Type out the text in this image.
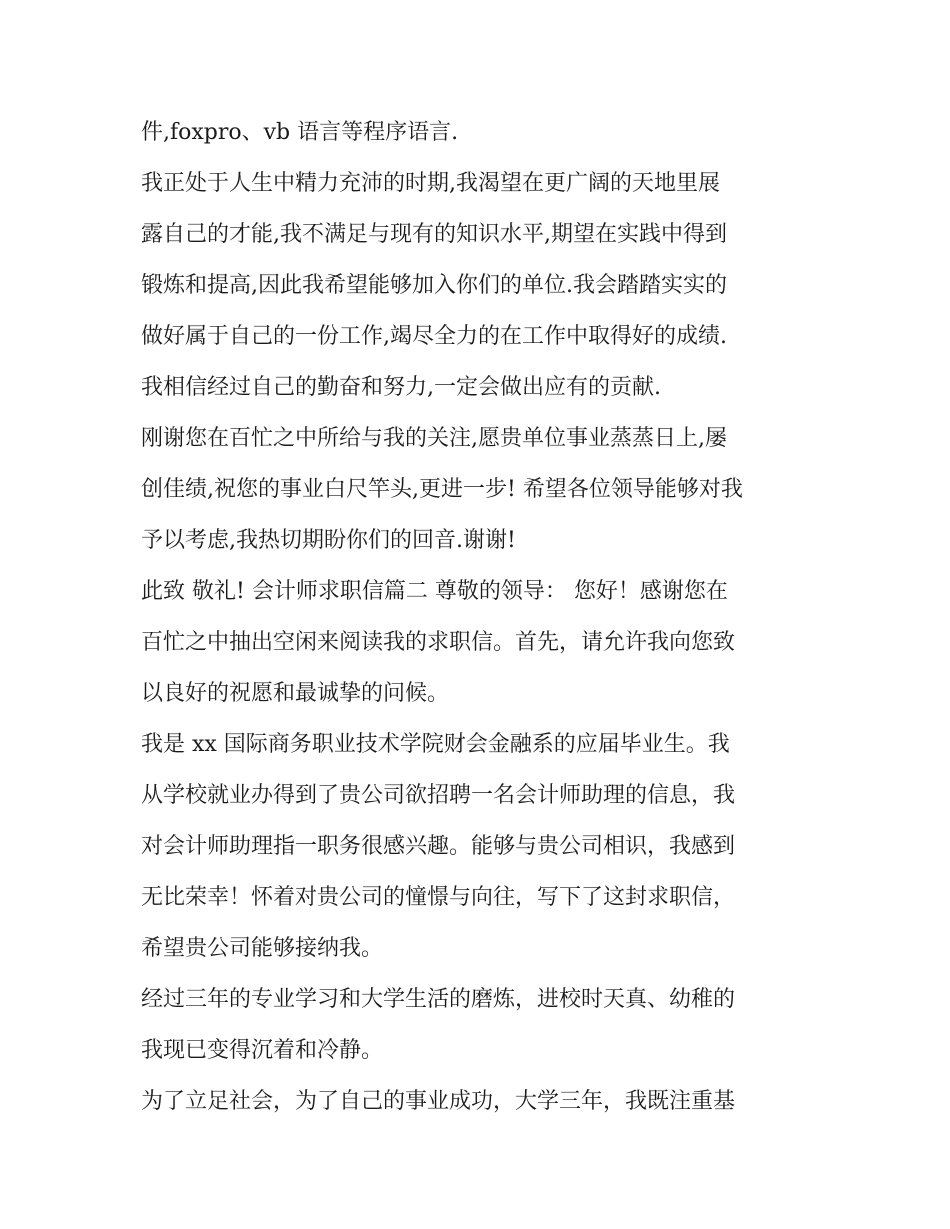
件,foxpro、vb 语言等程序语言.
我正处于人生中精力充沛的时期,我渴望在更广阔的天地里展
露自己的才能,我不满足与现有的知识水平,期望在实践中得到
锻炼和提高,因此我希望能够加入你们的单位.我会踏踏实实的
做好属于自己的一份工作,竭尽全力的在工作中取得好的成绩.
我相信经过自己的勤奋和努力,一定会做出应有的贡献.
刚谢您在百忙之中所给与我的关注,愿贵单位事业蒸蒸日上,屡
创佳绩,祝您的事业白尺竿头,更进一步! 希望各位领导能够对我
予以考虑,我热切期盼你们的回音.谢谢!
此致 敬礼! 会计师求职信篇二 尊敬的领导： 您好！感谢您在
百忙之中抽出空闲来阅读我的求职信。首先，请允许我向您致
以良好的祝愿和最诚挚的问候。
我是 xx 国际商务职业技术学院财会金融系的应届毕业生。我
从学校就业办得到了贵公司欲招聘一名会计师助理的信息，我
对会计师助理指一职务很感兴趣。能够与贵公司相识，我感到
无比荣幸！怀着对贵公司的憧憬与向往，写下了这封求职信，
希望贵公司能够接纳我。
经过三年的专业学习和大学生活的磨炼，进校时天真、幼稚的
我现已变得沉着和冷静。
为了立足社会，为了自己的事业成功，大学三年，我既注重基
